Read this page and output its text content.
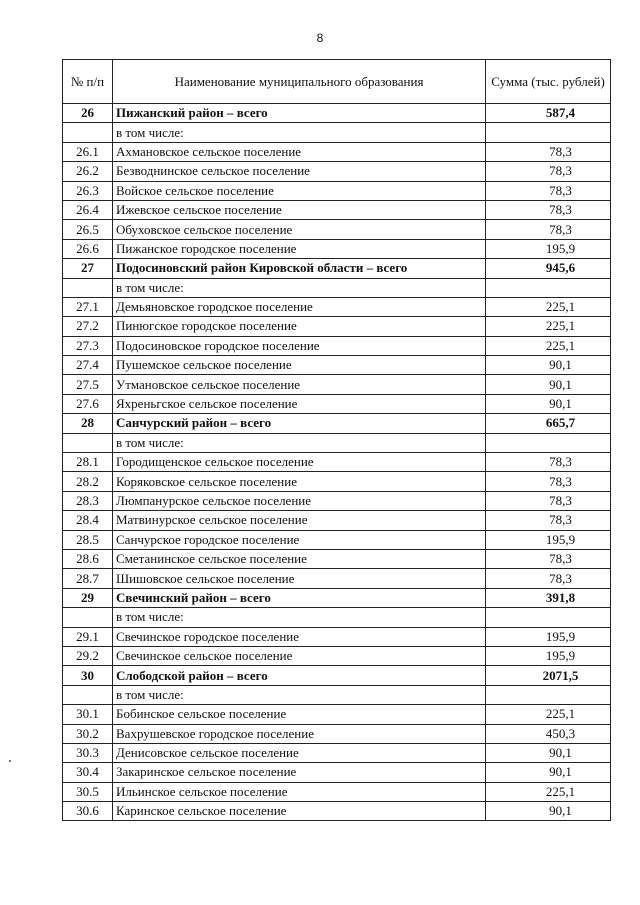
8
№ п/п	Наименование муниципального образования	Сумма (тыс. рублей)
26	Пижанский район – всего	587,4
	в том числе:	
26.1	Ахмановское сельское поселение	78,3
26.2	Безводнинское сельское поселение	78,3
26.3	Войское сельское поселение	78,3
26.4	Ижевское сельское поселение	78,3
26.5	Обуховское сельское поселение	78,3
26.6	Пижанское городское поселение	195,9
27	Подосиновский район Кировской области – всего	945,6
	в том числе:	
27.1	Демьяновское городское поселение	225,1
27.2	Пинюгское городское поселение	225,1
27.3	Подосиновское городское поселение	225,1
27.4	Пушемское сельское поселение	90,1
27.5	Утмановское сельское поселение	90,1
27.6	Яхреньгское сельское поселение	90,1
28	Санчурский район – всего	665,7
	в том числе:	
28.1	Городищенское сельское поселение	78,3
28.2	Коряковское сельское поселение	78,3
28.3	Люмпанурское сельское поселение	78,3
28.4	Матвинурское сельское поселение	78,3
28.5	Санчурское городское поселение	195,9
28.6	Сметанинское сельское поселение	78,3
28.7	Шишовское сельское поселение	78,3
29	Свечинский район – всего	391,8
	в том числе:	
29.1	Свечинское городское поселение	195,9
29.2	Свечинское сельское поселение	195,9
30	Слободской район – всего	2071,5
	в том числе:	
30.1	Бобинское сельское поселение	225,1
30.2	Вахрушевское городское поселение	450,3
30.3	Денисовское сельское поселение	90,1
30.4	Закаринское сельское поселение	90,1
30.5	Ильинское сельское поселение	225,1
30.6	Каринское сельское поселение	90,1
